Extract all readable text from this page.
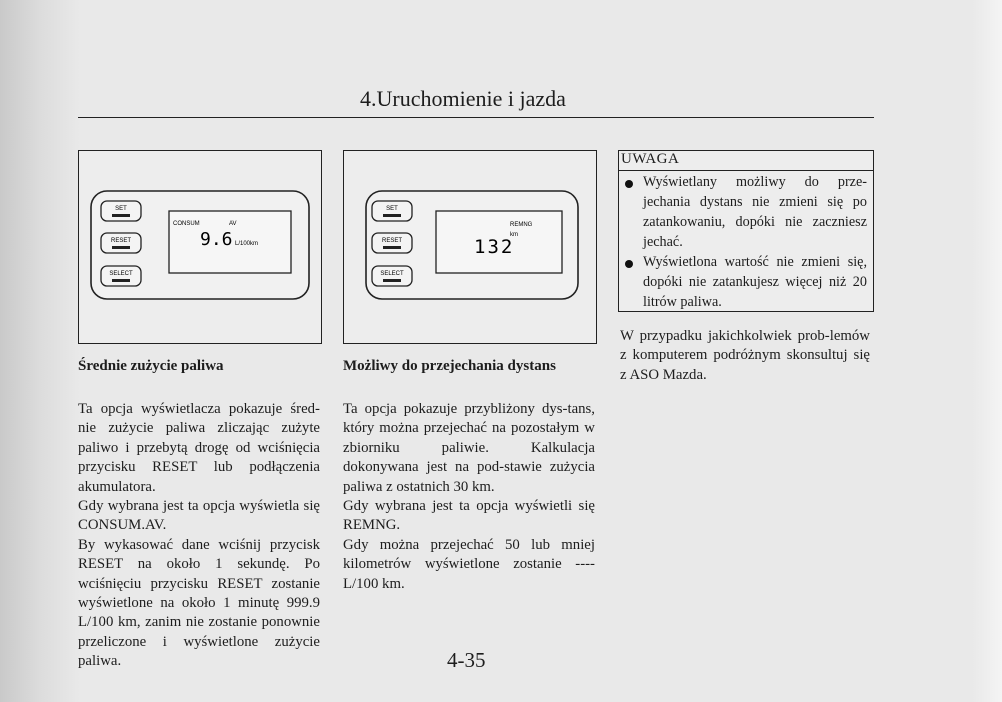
4.Uruchomienie i jazda
SET
RESET
SELECT
CONSUM	AV
9.6 L/100km
SET
RESET
SELECT
REMNG
132
km
UWAGA
Wyświetlany możliwy do prze-jechania dystans nie zmieni się po zatankowaniu, dopóki nie zaczniesz jechać.
Wyświetlona wartość nie zmieni się, dopóki nie zatankujesz więcej niż 20 litrów paliwa.
W przypadku jakichkolwiek prob-lemów z komputerem podróżnym skonsultuj się z ASO Mazda.
Średnie zużycie paliwa

Ta opcja wyświetlacza pokazuje śred-nie zużycie paliwa zliczając zużyte paliwo i przebytą drogę od wciśnięcia przycisku RESET lub podłączenia akumulatora.

Gdy wybrana jest ta opcja wyświetla się CONSUM.AV.

By wykasować dane wciśnij przycisk RESET na około 1 sekundę. Po wciśnięciu przycisku RESET zostanie wyświetlone na około 1 minutę 999.9 L/100 km, zanim nie zostanie ponownie przeliczone i wyświetlone zużycie paliwa.

Możliwy do przejechania dystans

Ta opcja pokazuje przybliżony dys-tans, który można przejechać na pozostałym w zbiorniku paliwie. Kalkulacja dokonywana jest na pod-stawie zużycia paliwa z ostatnich 30 km.

Gdy wybrana jest ta opcja wyświetli się REMNG.

Gdy można przejechać 50 lub mniej kilometrów wyświetlone zostanie ---- L/100 km.

4-35
